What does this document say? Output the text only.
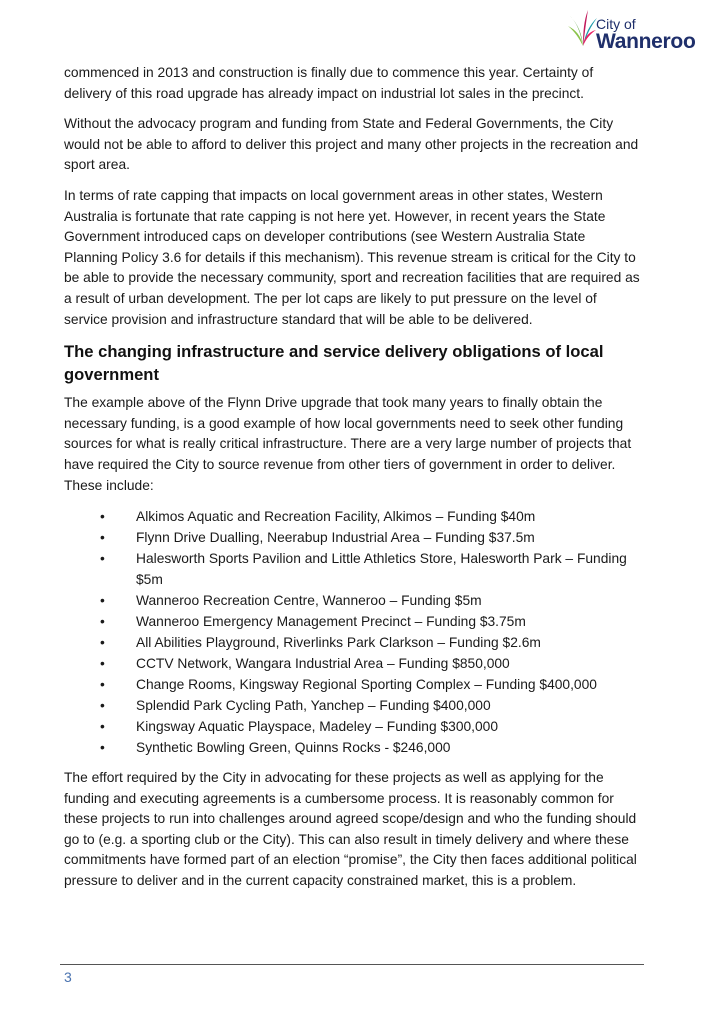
City of
Wanneroo

commenced in 2013 and construction is finally due to commence this year. Certainty of delivery of this road upgrade has already impact on industrial lot sales in the precinct.

Without the advocacy program and funding from State and Federal Governments, the City would not be able to afford to deliver this project and many other projects in the recreation and sport area.

In terms of rate capping that impacts on local government areas in other states, Western Australia is fortunate that rate capping is not here yet. However, in recent years the State Government introduced caps on developer contributions (see Western Australia State Planning Policy 3.6 for details if this mechanism). This revenue stream is critical for the City to be able to provide the necessary community, sport and recreation facilities that are required as a result of urban development. The per lot caps are likely to put pressure on the level of service provision and infrastructure standard that will be able to be delivered.

The changing infrastructure and service delivery obligations of local government

The example above of the Flynn Drive upgrade that took many years to finally obtain the necessary funding, is a good example of how local governments need to seek other funding sources for what is really critical infrastructure. There are a very large number of projects that have required the City to source revenue from other tiers of government in order to deliver. These include:

• Alkimos Aquatic and Recreation Facility, Alkimos – Funding $40m
• Flynn Drive Dualling, Neerabup Industrial Area – Funding $37.5m
• Halesworth Sports Pavilion and Little Athletics Store, Halesworth Park – Funding $5m
• Wanneroo Recreation Centre, Wanneroo – Funding $5m
• Wanneroo Emergency Management Precinct – Funding $3.75m
• All Abilities Playground, Riverlinks Park Clarkson – Funding $2.6m
• CCTV Network, Wangara Industrial Area – Funding $850,000
• Change Rooms, Kingsway Regional Sporting Complex – Funding $400,000
• Splendid Park Cycling Path, Yanchep – Funding $400,000
• Kingsway Aquatic Playspace, Madeley – Funding $300,000
• Synthetic Bowling Green, Quinns Rocks - $246,000

The effort required by the City in advocating for these projects as well as applying for the funding and executing agreements is a cumbersome process. It is reasonably common for these projects to run into challenges around agreed scope/design and who the funding should go to (e.g. a sporting club or the City). This can also result in timely delivery and where these commitments have formed part of an election “promise”, the City then faces additional political pressure to deliver and in the current capacity constrained market, this is a problem.

3
